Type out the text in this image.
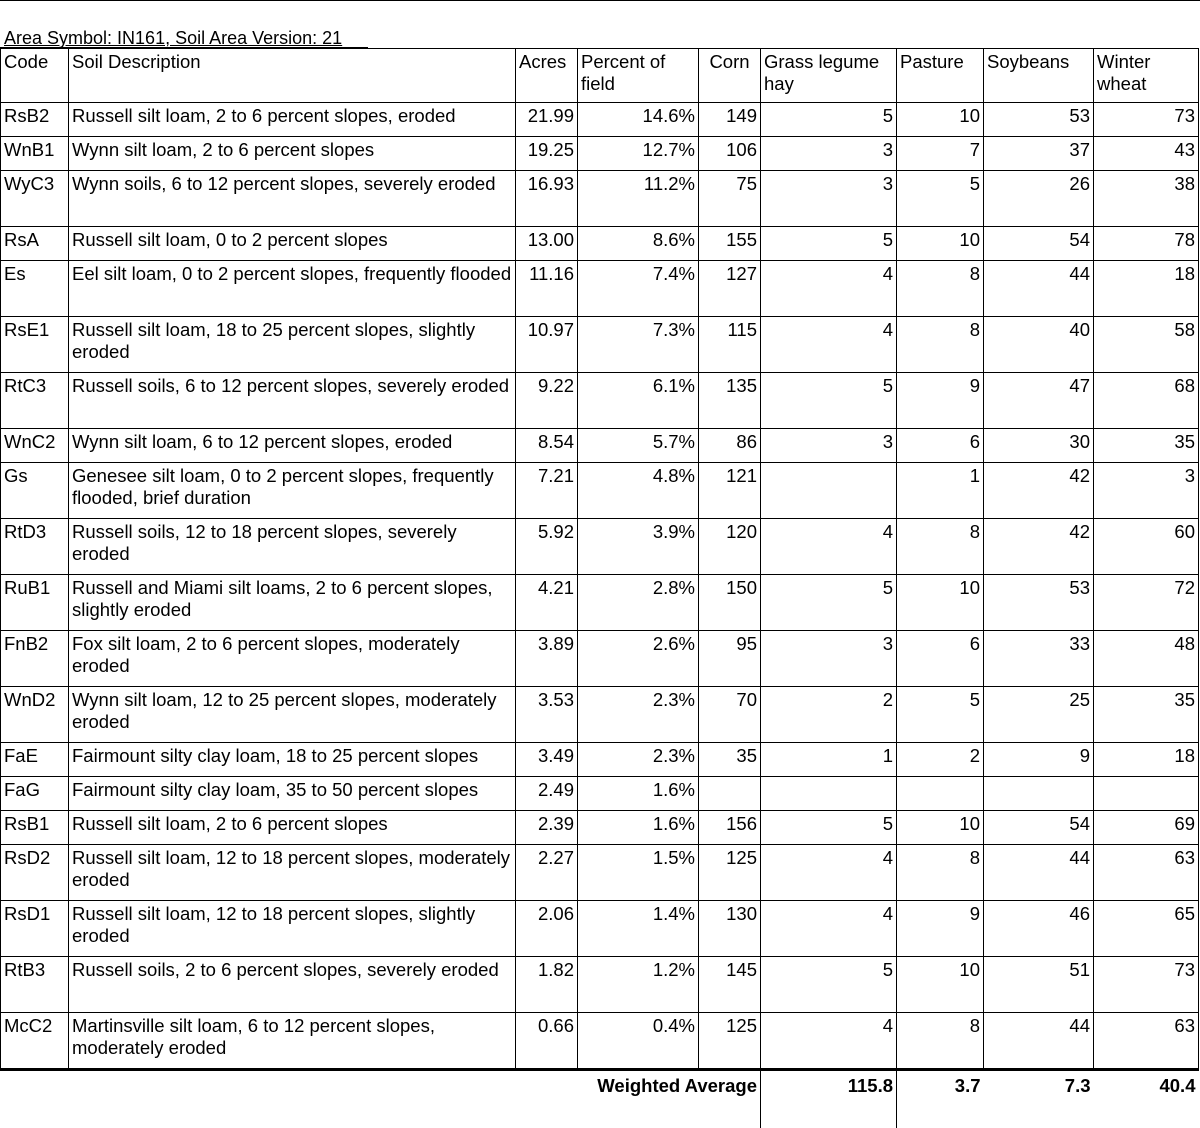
Area Symbol: IN161, Soil Area Version: 21
Code	Soil Description	Acres	Percent of field	Corn	Grass legume hay	Pasture	Soybeans	Winter wheat	
RsB2	Russell silt loam, 2 to 6 percent slopes, eroded	21.99	14.6%	149	5	10	53	73	
WnB1	Wynn silt loam, 2 to 6 percent slopes	19.25	12.7%	106	3	7	37	43	
WyC3	Wynn soils, 6 to 12 percent slopes, severely eroded	16.93	11.2%	75	3	5	26	38	
RsA	Russell silt loam, 0 to 2 percent slopes	13.00	8.6%	155	5	10	54	78	
Es	Eel silt loam, 0 to 2 percent slopes, frequently flooded	11.16	7.4%	127	4	8	44	18	
RsE1	Russell silt loam, 18 to 25 percent slopes, slightly eroded	10.97	7.3%	115	4	8	40	58	
RtC3	Russell soils, 6 to 12 percent slopes, severely eroded	9.22	6.1%	135	5	9	47	68	
WnC2	Wynn silt loam, 6 to 12 percent slopes, eroded	8.54	5.7%	86	3	6	30	35	
Gs	Genesee silt loam, 0 to 2 percent slopes, frequently flooded, brief duration	7.21	4.8%	121		1	42	3	
RtD3	Russell soils, 12 to 18 percent slopes, severely eroded	5.92	3.9%	120	4	8	42	60	
RuB1	Russell and Miami silt loams, 2 to 6 percent slopes, slightly eroded	4.21	2.8%	150	5	10	53	72	
FnB2	Fox silt loam, 2 to 6 percent slopes, moderately eroded	3.89	2.6%	95	3	6	33	48	
WnD2	Wynn silt loam, 12 to 25 percent slopes, moderately eroded	3.53	2.3%	70	2	5	25	35	
FaE	Fairmount silty clay loam, 18 to 25 percent slopes	3.49	2.3%	35	1	2	9	18	
FaG	Fairmount silty clay loam, 35 to 50 percent slopes	2.49	1.6%						
RsB1	Russell silt loam, 2 to 6 percent slopes	2.39	1.6%	156	5	10	54	69	
RsD2	Russell silt loam, 12 to 18 percent slopes, moderately eroded	2.27	1.5%	125	4	8	44	63	
RsD1	Russell silt loam, 12 to 18 percent slopes, slightly eroded	2.06	1.4%	130	4	9	46	65	
RtB3	Russell soils, 2 to 6 percent slopes, severely eroded	1.82	1.2%	145	5	10	51	73	
McC2	Martinsville silt loam, 6 to 12 percent slopes, moderately eroded	0.66	0.4%	125	4	8	44	63	
		Weighted Average			115.8	3.7	7.3	40.4	
